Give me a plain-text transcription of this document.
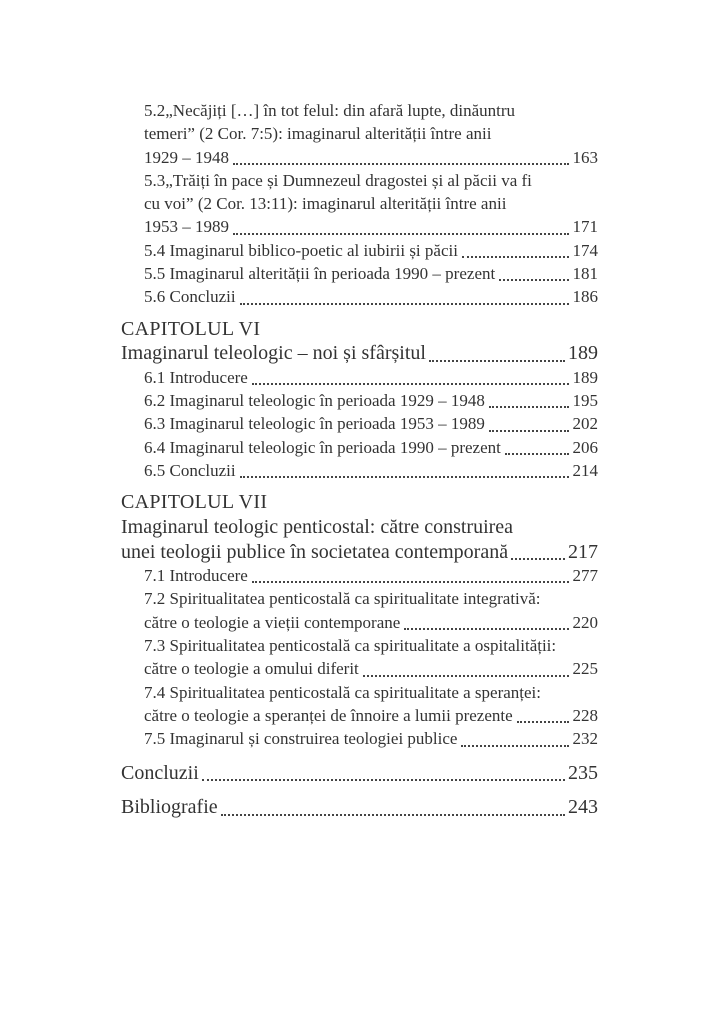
5.2„Necăjiți […] în tot felul: din afară lupte, dinăuntru
temeri” (2 Cor. 7:5): imaginarul alterității între anii
1929 – 1948	163
5.3„Trăiți în pace și Dumnezeul dragostei și al păcii va fi
cu voi” (2 Cor. 13:11): imaginarul alterității între anii
1953 – 1989	171
5.4 Imaginarul biblico-poetic al iubirii și păcii	174
5.5 Imaginarul alterității în perioada 1990 – prezent	181
5.6 Concluzii	186
CAPITOLUL VI
Imaginarul teleologic – noi și sfârșitul	189
6.1 Introducere	189
6.2 Imaginarul teleologic în perioada 1929 – 1948	195
6.3 Imaginarul teleologic în perioada 1953 – 1989	202
6.4 Imaginarul teleologic în perioada 1990 – prezent	206
6.5 Concluzii	214
CAPITOLUL VII
Imaginarul teologic penticostal: către construirea
unei teologii publice în societatea contemporană	217
7.1 Introducere	277
7.2 Spiritualitatea penticostală ca spiritualitate integrativă:
către o teologie a vieții contemporane	220
7.3 Spiritualitatea penticostală ca spiritualitate a ospitalității:
către o teologie a omului diferit	225
7.4 Spiritualitatea penticostală ca spiritualitate a speranței:
către o teologie a speranței de înnoire a lumii prezente	228
7.5 Imaginarul și construirea teologiei publice	232
Concluzii	235
Bibliografie	243
